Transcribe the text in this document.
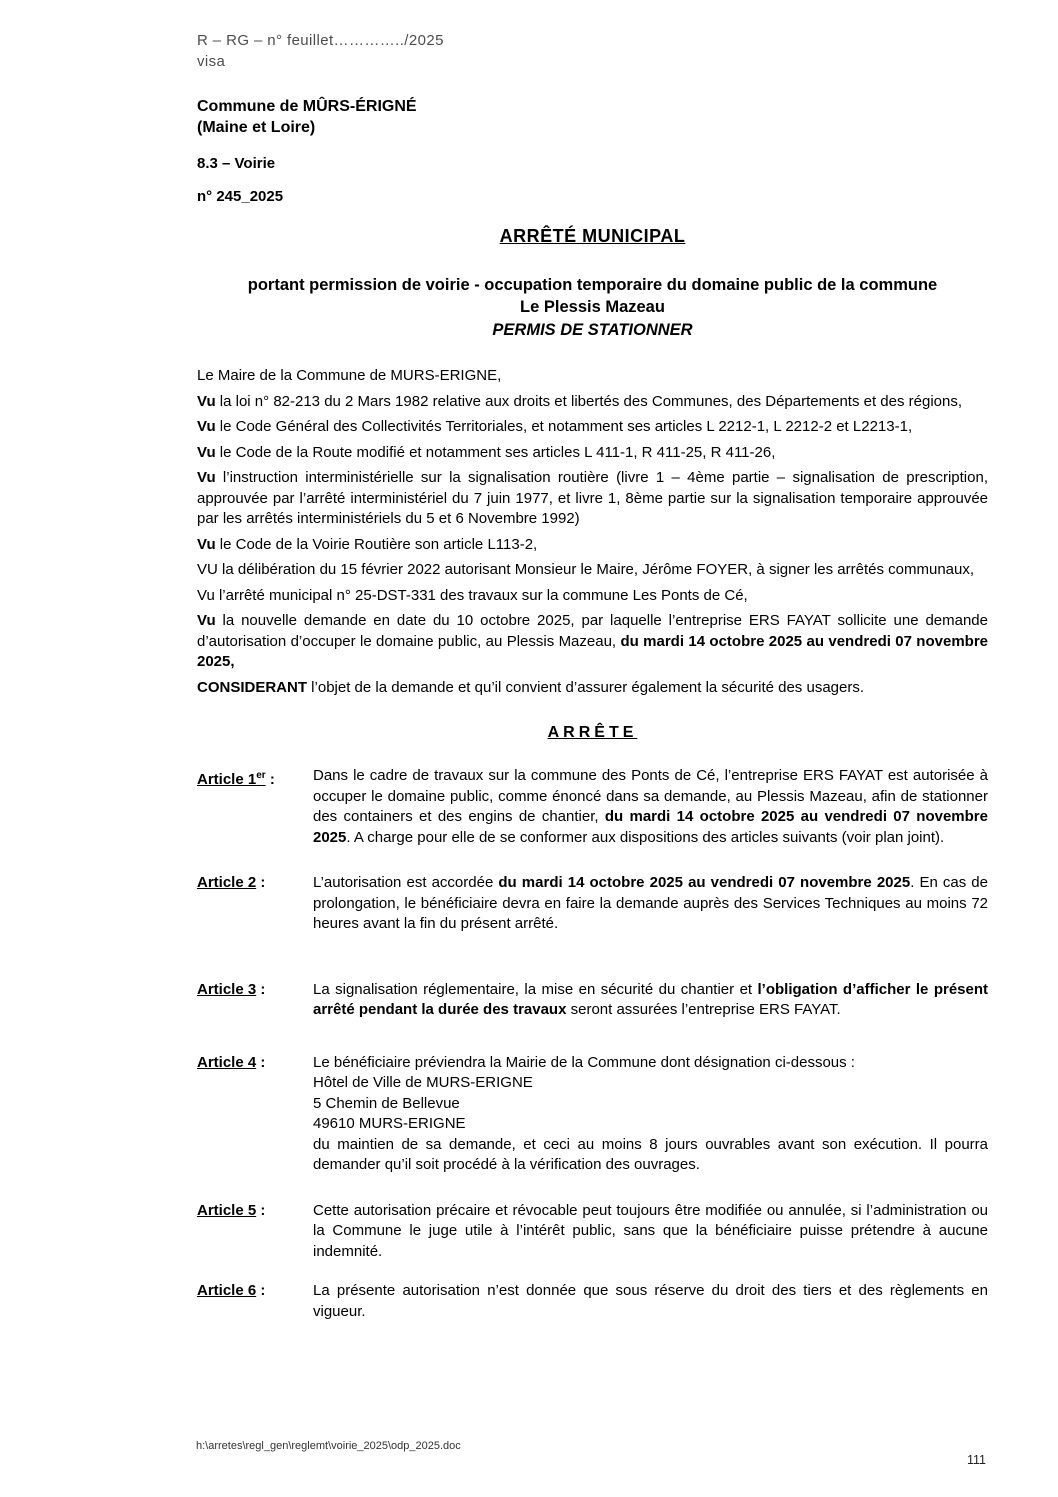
R – RG – n° feuillet…………../2025
visa
Commune de MÛRS-ÉRIGNÉ
(Maine et Loire)
8.3 – Voirie
n° 245_2025
ARRÊTÉ MUNICIPAL
portant permission de voirie - occupation temporaire du domaine public de la commune
Le Plessis Mazeau
PERMIS DE STATIONNER

Le Maire de la Commune de MURS-ERIGNE,

Vu la loi n° 82-213 du 2 Mars 1982 relative aux droits et libertés des Communes, des Départements et des régions,

Vu le Code Général des Collectivités Territoriales, et notamment ses articles L 2212-1, L 2212-2 et L2213-1,

Vu le Code de la Route modifié et notamment ses articles L 411-1, R 411-25, R 411-26,

Vu l’instruction interministérielle sur la signalisation routière (livre 1 – 4ème partie – signalisation de prescription, approuvée par l’arrêté interministériel du 7 juin 1977, et livre 1, 8ème partie sur la signalisation temporaire approuvée par les arrêtés interministériels du 5 et 6 Novembre 1992)

Vu le Code de la Voirie Routière son article L113-2,

VU la délibération du 15 février 2022 autorisant Monsieur le Maire, Jérôme FOYER, à signer les arrêtés communaux,

Vu l’arrêté municipal n° 25-DST-331 des travaux sur la commune Les Ponts de Cé,

Vu la nouvelle demande en date du 10 octobre 2025, par laquelle l’entreprise ERS FAYAT sollicite une demande d’autorisation d’occuper le domaine public, au Plessis Mazeau, du mardi 14 octobre 2025 au vendredi 07 novembre 2025,

CONSIDERANT l’objet de la demande et qu’il convient d’assurer également la sécurité des usagers.

ARRÊTE
Article 1er :	Dans le cadre de travaux sur la commune des Ponts de Cé, l’entreprise ERS FAYAT est autorisée à occuper le domaine public, comme énoncé dans sa demande, au Plessis Mazeau, afin de stationner des containers et des engins de chantier, du mardi 14 octobre 2025 au vendredi 07 novembre 2025. A charge pour elle de se conformer aux dispositions des articles suivants (voir plan joint).

Article 2 :	L’autorisation est accordée du mardi 14 octobre 2025 au vendredi 07 novembre 2025. En cas de prolongation, le bénéficiaire devra en faire la demande auprès des Services Techniques au moins 72 heures avant la fin du présent arrêté.

Article 3 :	La signalisation réglementaire, la mise en sécurité du chantier et l’obligation d’afficher le présent arrêté pendant la durée des travaux seront assurées l’entreprise ERS FAYAT.

Article 4 :	Le bénéficiaire préviendra la Mairie de la Commune dont désignation ci-dessous :

Hôtel de Ville de MURS-ERIGNE

5 Chemin de Bellevue

49610 MURS-ERIGNE

du maintien de sa demande, et ceci au moins 8 jours ouvrables avant son exécution. Il pourra demander qu’il soit procédé à la vérification des ouvrages.

Article 5 :	Cette autorisation précaire et révocable peut toujours être modifiée ou annulée, si l’administration ou la Commune le juge utile à l’intérêt public, sans que la bénéficiaire puisse prétendre à aucune indemnité.

Article 6 :	La présente autorisation n’est donnée que sous réserve du droit des tiers et des règlements en vigueur.

h:\arretes\regl_gen\reglemt\voirie_2025\odp_2025.doc
111
